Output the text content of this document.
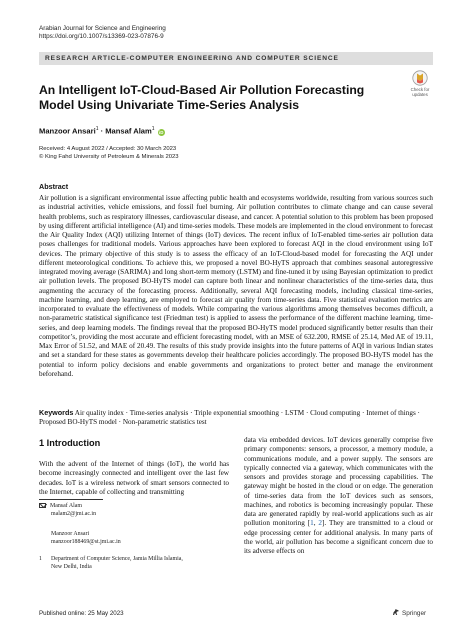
Arabian Journal for Science and Engineering
https://doi.org/10.1007/s13369-023-07876-9
RESEARCH ARTICLE-COMPUTER ENGINEERING AND COMPUTER SCIENCE
Check for
updates
An Intelligent IoT-Cloud-Based Air Pollution Forecasting Model Using Univariate Time-Series Analysis
Manzoor Ansari$^1$ · Mansaf Alam$^1$ iD
Received: 4 August 2022 / Accepted: 30 March 2023
© King Fahd University of Petroleum & Minerals 2023
Abstract

Air pollution is a significant environmental issue affecting public health and ecosystems worldwide, resulting from various sources such as industrial activities, vehicle emissions, and fossil fuel burning. Air pollution contributes to climate change and can cause several health problems, such as respiratory illnesses, cardiovascular disease, and cancer. A potential solution to this problem has been proposed by using different artificial intelligence (AI) and time-series models. These models are implemented in the cloud environment to forecast the Air Quality Index (AQI) utilizing Internet of things (IoT) devices. The recent influx of IoT-enabled time-series air pollution data poses challenges for traditional models. Various approaches have been explored to forecast AQI in the cloud environment using IoT devices. The primary objective of this study is to assess the efficacy of an IoT-Cloud-based model for forecasting the AQI under different meteorological conditions. To achieve this, we proposed a novel BO-HyTS approach that combines seasonal autoregressive integrated moving average (SARIMA) and long short-term memory (LSTM) and fine-tuned it by using Bayesian optimization to predict air pollution levels. The proposed BO-HyTS model can capture both linear and nonlinear characteristics of the time-series data, thus augmenting the accuracy of the forecasting process. Additionally, several AQI forecasting models, including classical time-series, machine learning, and deep learning, are employed to forecast air quality from time-series data. Five statistical evaluation metrics are incorporated to evaluate the effectiveness of models. While comparing the various algorithms among themselves becomes difficult, a non-parametric statistical significance test (Friedman test) is applied to assess the performance of the different machine learning, time-series, and deep learning models. The findings reveal that the proposed BO-HyTS model produced significantly better results than their competitor’s, providing the most accurate and efficient forecasting model, with an MSE of 632.200, RMSE of 25.14, Med AE of 19.11, Max Error of 51.52, and MAE of 20.49. The results of this study provide insights into the future patterns of AQI in various Indian states and set a standard for these states as governments develop their healthcare policies accordingly. The proposed BO-HyTS model has the potential to inform policy decisions and enable governments and organizations to protect better and manage the environment beforehand.

Keywords Air quality index · Time-series analysis · Triple exponential smoothing · LSTM · Cloud computing · Internet of things · Proposed BO-HyTS model · Non-parametric statistics test
1 Introduction

With the advent of the Internet of things (IoT), the world has become increasingly connected and intelligent over the last few decades. IoT is a wireless network of smart sensors connected to the Internet, capable of collecting and transmitting

data via embedded devices. IoT devices generally comprise five primary components: sensors, a processor, a memory module, a communications module, and a power supply. The sensors are typically connected via a gateway, which communicates with the sensors and provides storage and processing capabilities. The gateway might be hosted in the cloud or on edge. The generation of time-series data from the IoT devices such as sensors, machines, and robotics is becoming increasingly popular. These data are generated rapidly by real-world applications such as air pollution monitoring [1, 2]. They are transmitted to a cloud or edge processing center for additional analysis. In many parts of the world, air pollution has become a significant concern due to its adverse effects on

Mansaf Alam
malam2@jmi.ac.in
Manzoor Ansari
manzoor188469@st.jmi.ac.in
1 Department of Computer Science, Jamia Millia Islamia, New Delhi, India
Published online: 25 May 2023	Springer
